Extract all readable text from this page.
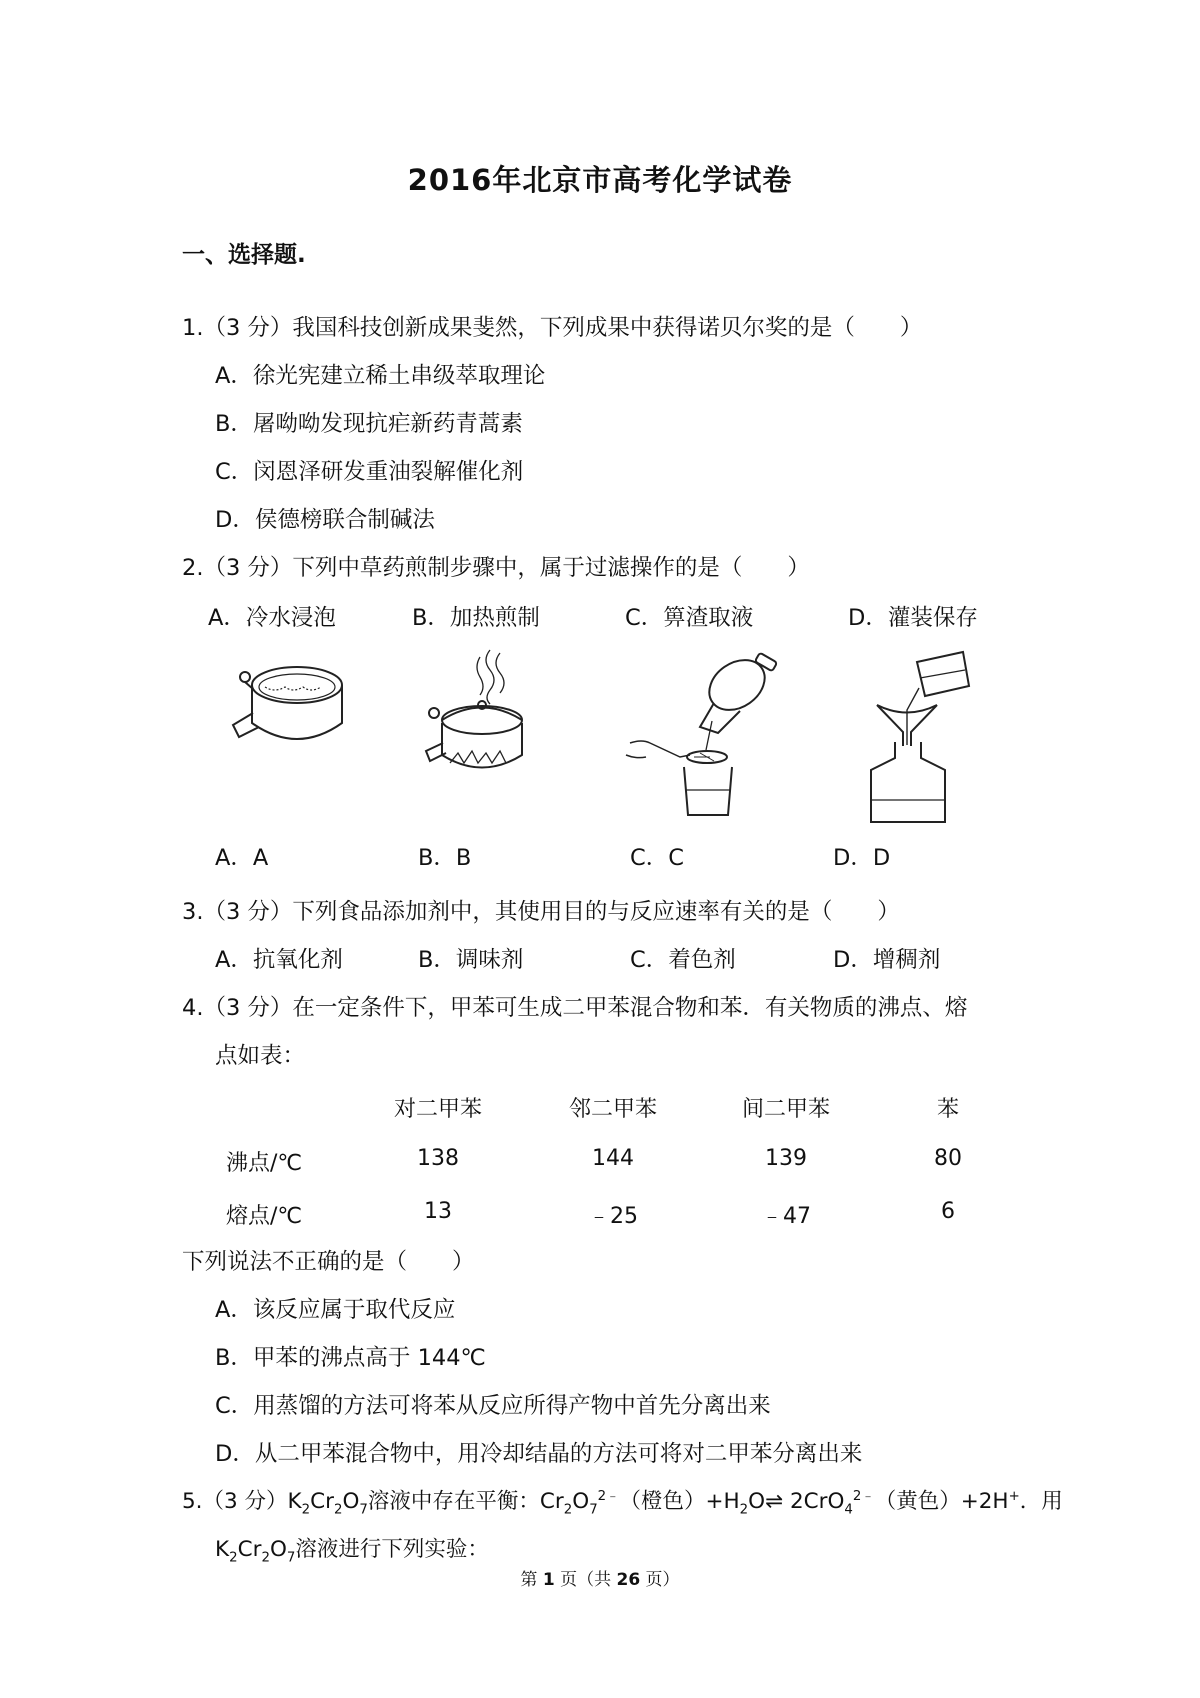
2016年北京市高考化学试卷
一、选择题.
1.（3 分）我国科技创新成果斐然，下列成果中获得诺贝尔奖的是（　　）
A．徐光宪建立稀土串级萃取理论
B．屠呦呦发现抗疟新药青蒿素
C．闵恩泽研发重油裂解催化剂
D．侯德榜联合制碱法
2.（3 分）下列中草药煎制步骤中，属于过滤操作的是（　　）
A．冷水浸泡	B．加热煎制	C．箅渣取液	D．灌装保存
A．A	B．B	C．C	D．D
3.（3 分）下列食品添加剂中，其使用目的与反应速率有关的是（　　）
A．抗氧化剂	B．调味剂	C．着色剂	D．增稠剂
4.（3 分）在一定条件下，甲苯可生成二甲苯混合物和苯．有关物质的沸点、熔
点如表：
对二甲苯	邻二甲苯	间二甲苯	苯
沸点/℃	138	144	139	80
熔点/℃	13	﹣25	﹣47	6
下列说法不正确的是（　　）
A．该反应属于取代反应
B．甲苯的沸点高于 144℃
C．用蒸馏的方法可将苯从反应所得产物中首先分离出来
D．从二甲苯混合物中，用冷却结晶的方法可将对二甲苯分离出来
5.（3 分）$K_2Cr_2O_7$溶液中存在平衡：$Cr_2O_7^{2﹣}$（橙色）$+H_2O\rightleftharpoons$ 2CrO$_4^{2﹣}$（黄色）+2H+．用
$K_2Cr_2O_7$溶液进行下列实验：
第 1 页（共 26 页）
